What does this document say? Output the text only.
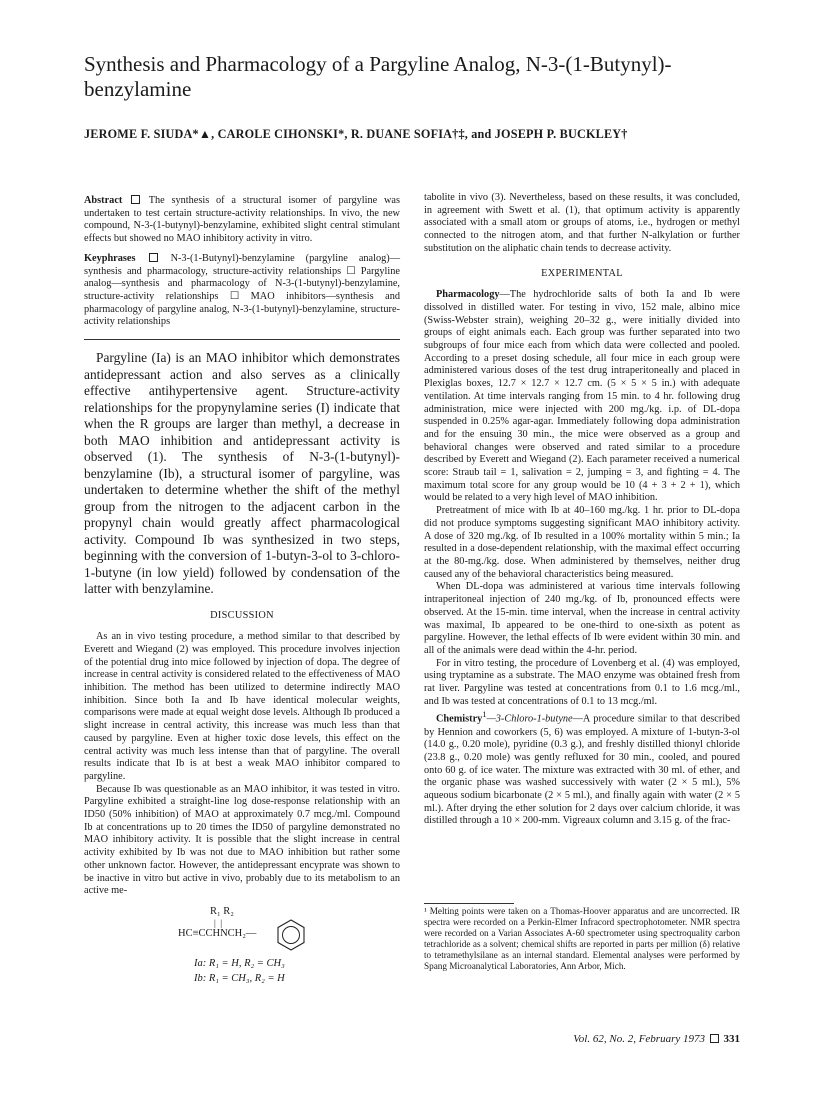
Synthesis and Pharmacology of a Pargyline Analog, N-3-(1-Butynyl)-benzylamine
JEROME F. SIUDA*▲, CAROLE CIHONSKI*, R. DUANE SOFIA†‡, and JOSEPH P. BUCKLEY†

Abstract	The synthesis of a structural isomer of pargyline was undertaken to test certain structure-activity relationships. In vivo, the new compound, N-3-(1-butynyl)-benzylamine, exhibited slight central stimulant effects but showed no MAO inhibitory activity in vitro.

Keyphrases	N-3-(1-Butynyl)-benzylamine (pargyline analog)—synthesis and pharmacology, structure-activity relationships ☐ Pargyline analog—synthesis and pharmacology of N-3-(1-butynyl)-benzylamine, structure-activity relationships ☐ MAO inhibitors—synthesis and pharmacology of pargyline analog, N-3-(1-butynyl)-benzylamine, structure-activity relationships

Pargyline (Ia) is an MAO inhibitor which demonstrates antidepressant action and also serves as a clinically effective antihypertensive agent. Structure-activity relationships for the propynylamine series (I) indicate that when the R groups are larger than methyl, a decrease in both MAO inhibition and antidepressant activity is observed (1). The synthesis of N-3-(1-butynyl)-benzylamine (Ib), a structural isomer of pargyline, was undertaken to determine whether the shift of the methyl group from the nitrogen to the adjacent carbon in the propynyl chain would greatly affect pharmacological activity. Compound Ib was synthesized in two steps, beginning with the conversion of 1-butyn-3-ol to 3-chloro-1-butyne (in low yield) followed by condensation of the latter with benzylamine.

DISCUSSION

As an in vivo testing procedure, a method similar to that described by Everett and Wiegand (2) was employed. This procedure involves injection of the potential drug into mice followed by injection of dopa. The degree of increase in central activity is considered related to the effectiveness of MAO inhibition. The method has been utilized to determine indirectly MAO inhibition. Since both Ia and Ib have identical molecular weights, comparisons were made at equal weight dose levels. Although Ib produced a slight increase in central activity, this increase was much less than that caused by pargyline. Even at higher toxic dose levels, this effect on the central activity was much less intense than that of pargyline. The overall results indicate that Ib is at best a weak MAO inhibitor compared to pargyline.

Because Ib was questionable as an MAO inhibitor, it was tested in vitro. Pargyline exhibited a straight-line log dose-response relationship with an ID50 (50% inhibition) of MAO at approximately 0.7 mcg./ml. Compound Ib at concentrations up to 20 times the ID50 of pargyline demonstrated no MAO inhibitory activity. It is possible that the slight increase in central activity exhibited by Ib was not due to MAO inhibition but rather some other unknown factor. However, the antidepressant encyprate was shown to be inactive in vitro but active in vivo, probably due to its metabolism to an active me-

tabolite in vivo (3). Nevertheless, based on these results, it was concluded, in agreement with Swett et al. (1), that optimum activity is apparently associated with a small atom or groups of atoms, i.e., hydrogen or methyl connected to the nitrogen atom, and that further N-alkylation or further substitution on the aliphatic chain tends to decrease activity.

EXPERIMENTAL

Pharmacology—The hydrochloride salts of both Ia and Ib were dissolved in distilled water. For testing in vivo, 152 male, albino mice (Swiss-Webster strain), weighing 20–32 g., were initially divided into groups of eight animals each. Each group was further separated into two subgroups of four mice each from which data were collected and pooled. According to a preset dosing schedule, all four mice in each group were administered various doses of the test drug intraperitoneally and placed in Plexiglas boxes, 12.7 × 12.7 × 12.7 cm. (5 × 5 × 5 in.) with adequate ventilation. At time intervals ranging from 15 min. to 4 hr. following drug administration, mice were injected with 200 mg./kg. i.p. of DL-dopa suspended in 0.25% agar-agar. Immediately following dopa administration and for the ensuing 30 min., the mice were observed as a group and behavioral changes were observed and rated similar to a procedure described by Everett and Wiegand (2). Each parameter received a numerical score: Straub tail = 1, salivation = 2, jumping = 3, and fighting = 4. The maximum total score for any group would be 10 (4 + 3 + 2 + 1), which would be related to a very high level of MAO inhibition.

Pretreatment of mice with Ib at 40–160 mg./kg. 1 hr. prior to DL-dopa did not produce symptoms suggesting significant MAO inhibitory activity. A dose of 320 mg./kg. of Ib resulted in a 100% mortality within 5 min.; Ia resulted in a dose-dependent relationship, with the maximal effect occurring at the 80-mg./kg. dose. When administered by themselves, neither drug caused any of the behavioral characteristics being measured.

When DL-dopa was administered at various time intervals following intraperitoneal injection of 240 mg./kg. of Ib, pronounced effects were observed. At the 15-min. time interval, when the increase in central activity was maximal, Ib appeared to be one-third to one-sixth as potent as pargyline. However, the lethal effects of Ib were evident within 30 min. and all of the animals were dead within the 4-hr. period.

For in vitro testing, the procedure of Lovenberg et al. (4) was employed, using tryptamine as a substrate. The MAO enzyme was obtained fresh from rat liver. Pargyline was tested at concentrations from 0.1 to 1.6 mcg./ml., and Ib was tested at concentrations of 0.1 to 13 mcg./ml.

Chemistry$^1$—3-Chloro-1-butyne—A procedure similar to that described by Hennion and coworkers (5, 6) was employed. A mixture of 1-butyn-3-ol (14.0 g., 0.20 mole), pyridine (0.3 g.), and freshly distilled thionyl chloride (23.8 g., 0.20 mole) was gently refluxed for 30 min., cooled, and poured onto 60 g. of ice water. The mixture was extracted with 30 ml. of ether, and the organic phase was washed successively with water (2 × 5 ml.), 5% aqueous sodium bicarbonate (2 × 5 ml.), and finally again with water (2 × 5 ml.). After drying the ether solution for 2 days over calcium chloride, it was distilled through a 10 × 200-mm. Vigreaux column and 3.15 g. of the frac-

R₁ R₂
|  |
HC≡CCHNCH₂—
Ia: R₁ = H, R₂ = CH₃
Ib: R₁ = CH₃, R₂ = H
¹ Melting points were taken on a Thomas-Hoover apparatus and are uncorrected. IR spectra were recorded on a Perkin-Elmer Infracord spectrophotometer. NMR spectra were recorded on a Varian Associates A-60 spectrometer using spectroquality carbon tetrachloride as a solvent; chemical shifts are reported in parts per million (δ) relative to tetramethylsilane as an internal standard. Elemental analyses were performed by Spang Microanalytical Laboratories, Ann Arbor, Mich.
Vol. 62, No. 2, February 1973 331
